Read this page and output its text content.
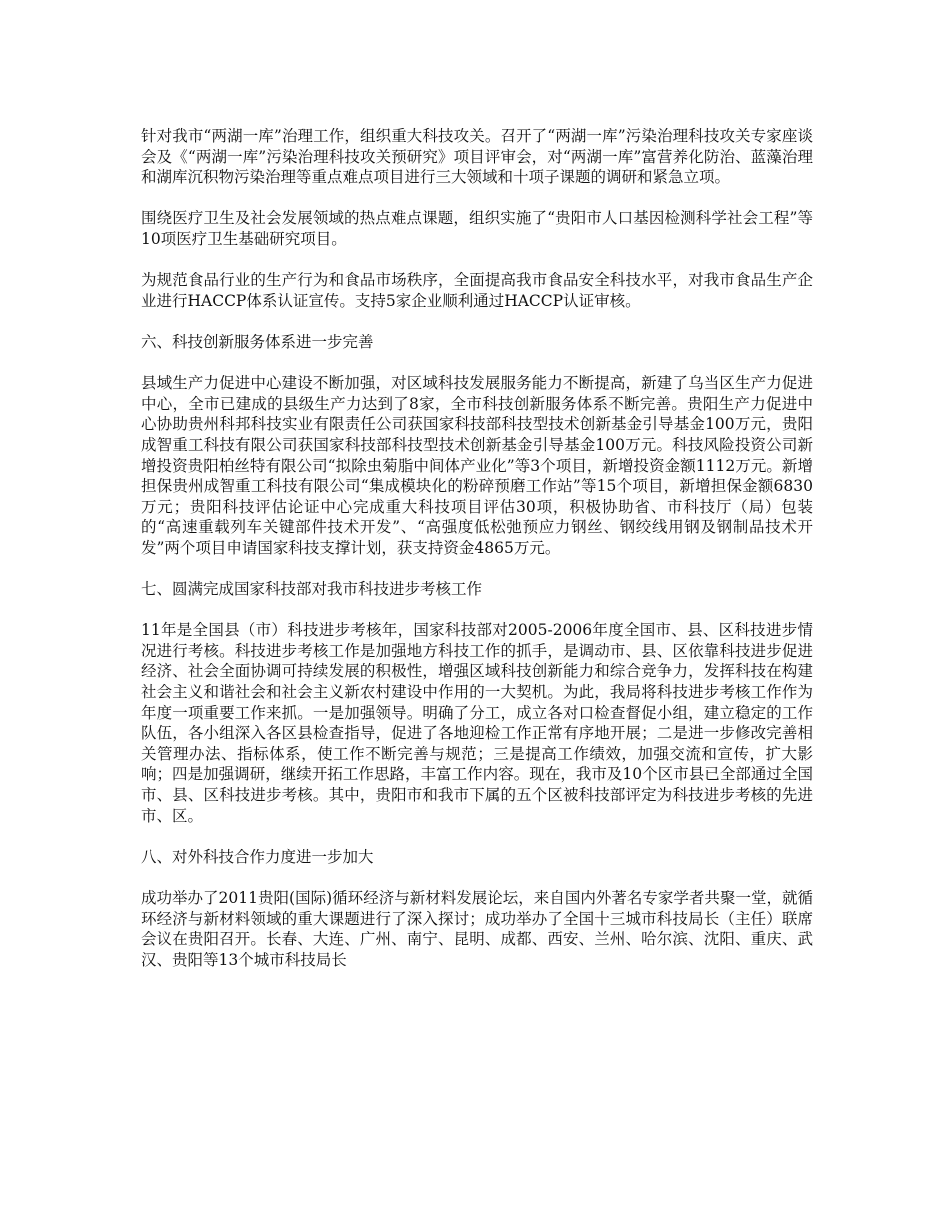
针对我市“两湖一库”治理工作，组织重大科技攻关。召开了“两湖一库”污染治理科技攻关专家座谈会及《“两湖一库”污染治理科技攻关预研究》项目评审会，对“两湖一库”富营养化防治、蓝藻治理和湖库沉积物污染治理等重点难点项目进行三大领域和十项子课题的调研和紧急立项。

围绕医疗卫生及社会发展领域的热点难点课题，组织实施了“贵阳市人口基因检测科学社会工程”等10项医疗卫生基础研究项目。

为规范食品行业的生产行为和食品市场秩序，全面提高我市食品安全科技水平，对我市食品生产企业进行HACCP体系认证宣传。支持5家企业顺利通过HACCP认证审核。

六、科技创新服务体系进一步完善

县域生产力促进中心建设不断加强，对区域科技发展服务能力不断提高，新建了乌当区生产力促进中心，全市已建成的县级生产力达到了8家，全市科技创新服务体系不断完善。贵阳生产力促进中心协助贵州科邦科技实业有限责任公司获国家科技部科技型技术创新基金引导基金100万元，贵阳成智重工科技有限公司获国家科技部科技型技术创新基金引导基金100万元。科技风险投资公司新增投资贵阳柏丝特有限公司“拟除虫菊脂中间体产业化”等3个项目，新增投资金额1112万元。新增担保贵州成智重工科技有限公司“集成模块化的粉碎预磨工作站”等15个项目，新增担保金额6830万元；贵阳科技评估论证中心完成重大科技项目评估30项，积极协助省、市科技厅（局）包装的“高速重载列车关键部件技术开发”、“高强度低松弛预应力钢丝、钢绞线用钢及钢制品技术开发”两个项目申请国家科技支撑计划，获支持资金4865万元。

七、圆满完成国家科技部对我市科技进步考核工作

11年是全国县（市）科技进步考核年，国家科技部对2005-2006年度全国市、县、区科技进步情况进行考核。科技进步考核工作是加强地方科技工作的抓手，是调动市、县、区依靠科技进步促进经济、社会全面协调可持续发展的积极性，增强区域科技创新能力和综合竞争力，发挥科技在构建社会主义和谐社会和社会主义新农村建设中作用的一大契机。为此，我局将科技进步考核工作作为年度一项重要工作来抓。一是加强领导。明确了分工，成立各对口检查督促小组，建立稳定的工作队伍，各小组深入各区县检查指导，促进了各地迎检工作正常有序地开展；二是进一步修改完善相关管理办法、指标体系，使工作不断完善与规范；三是提高工作绩效，加强交流和宣传，扩大影响；四是加强调研，继续开拓工作思路，丰富工作内容。现在，我市及10个区市县已全部通过全国市、县、区科技进步考核。其中，贵阳市和我市下属的五个区被科技部评定为科技进步考核的先进市、区。

八、对外科技合作力度进一步加大

成功举办了2011贵阳(国际)循环经济与新材料发展论坛，来自国内外著名专家学者共聚一堂，就循环经济与新材料领域的重大课题进行了深入探讨；成功举办了全国十三城市科技局长（主任）联席会议在贵阳召开。长春、大连、广州、南宁、昆明、成都、西安、兰州、哈尔滨、沈阳、重庆、武汉、贵阳等13个城市科技局长
